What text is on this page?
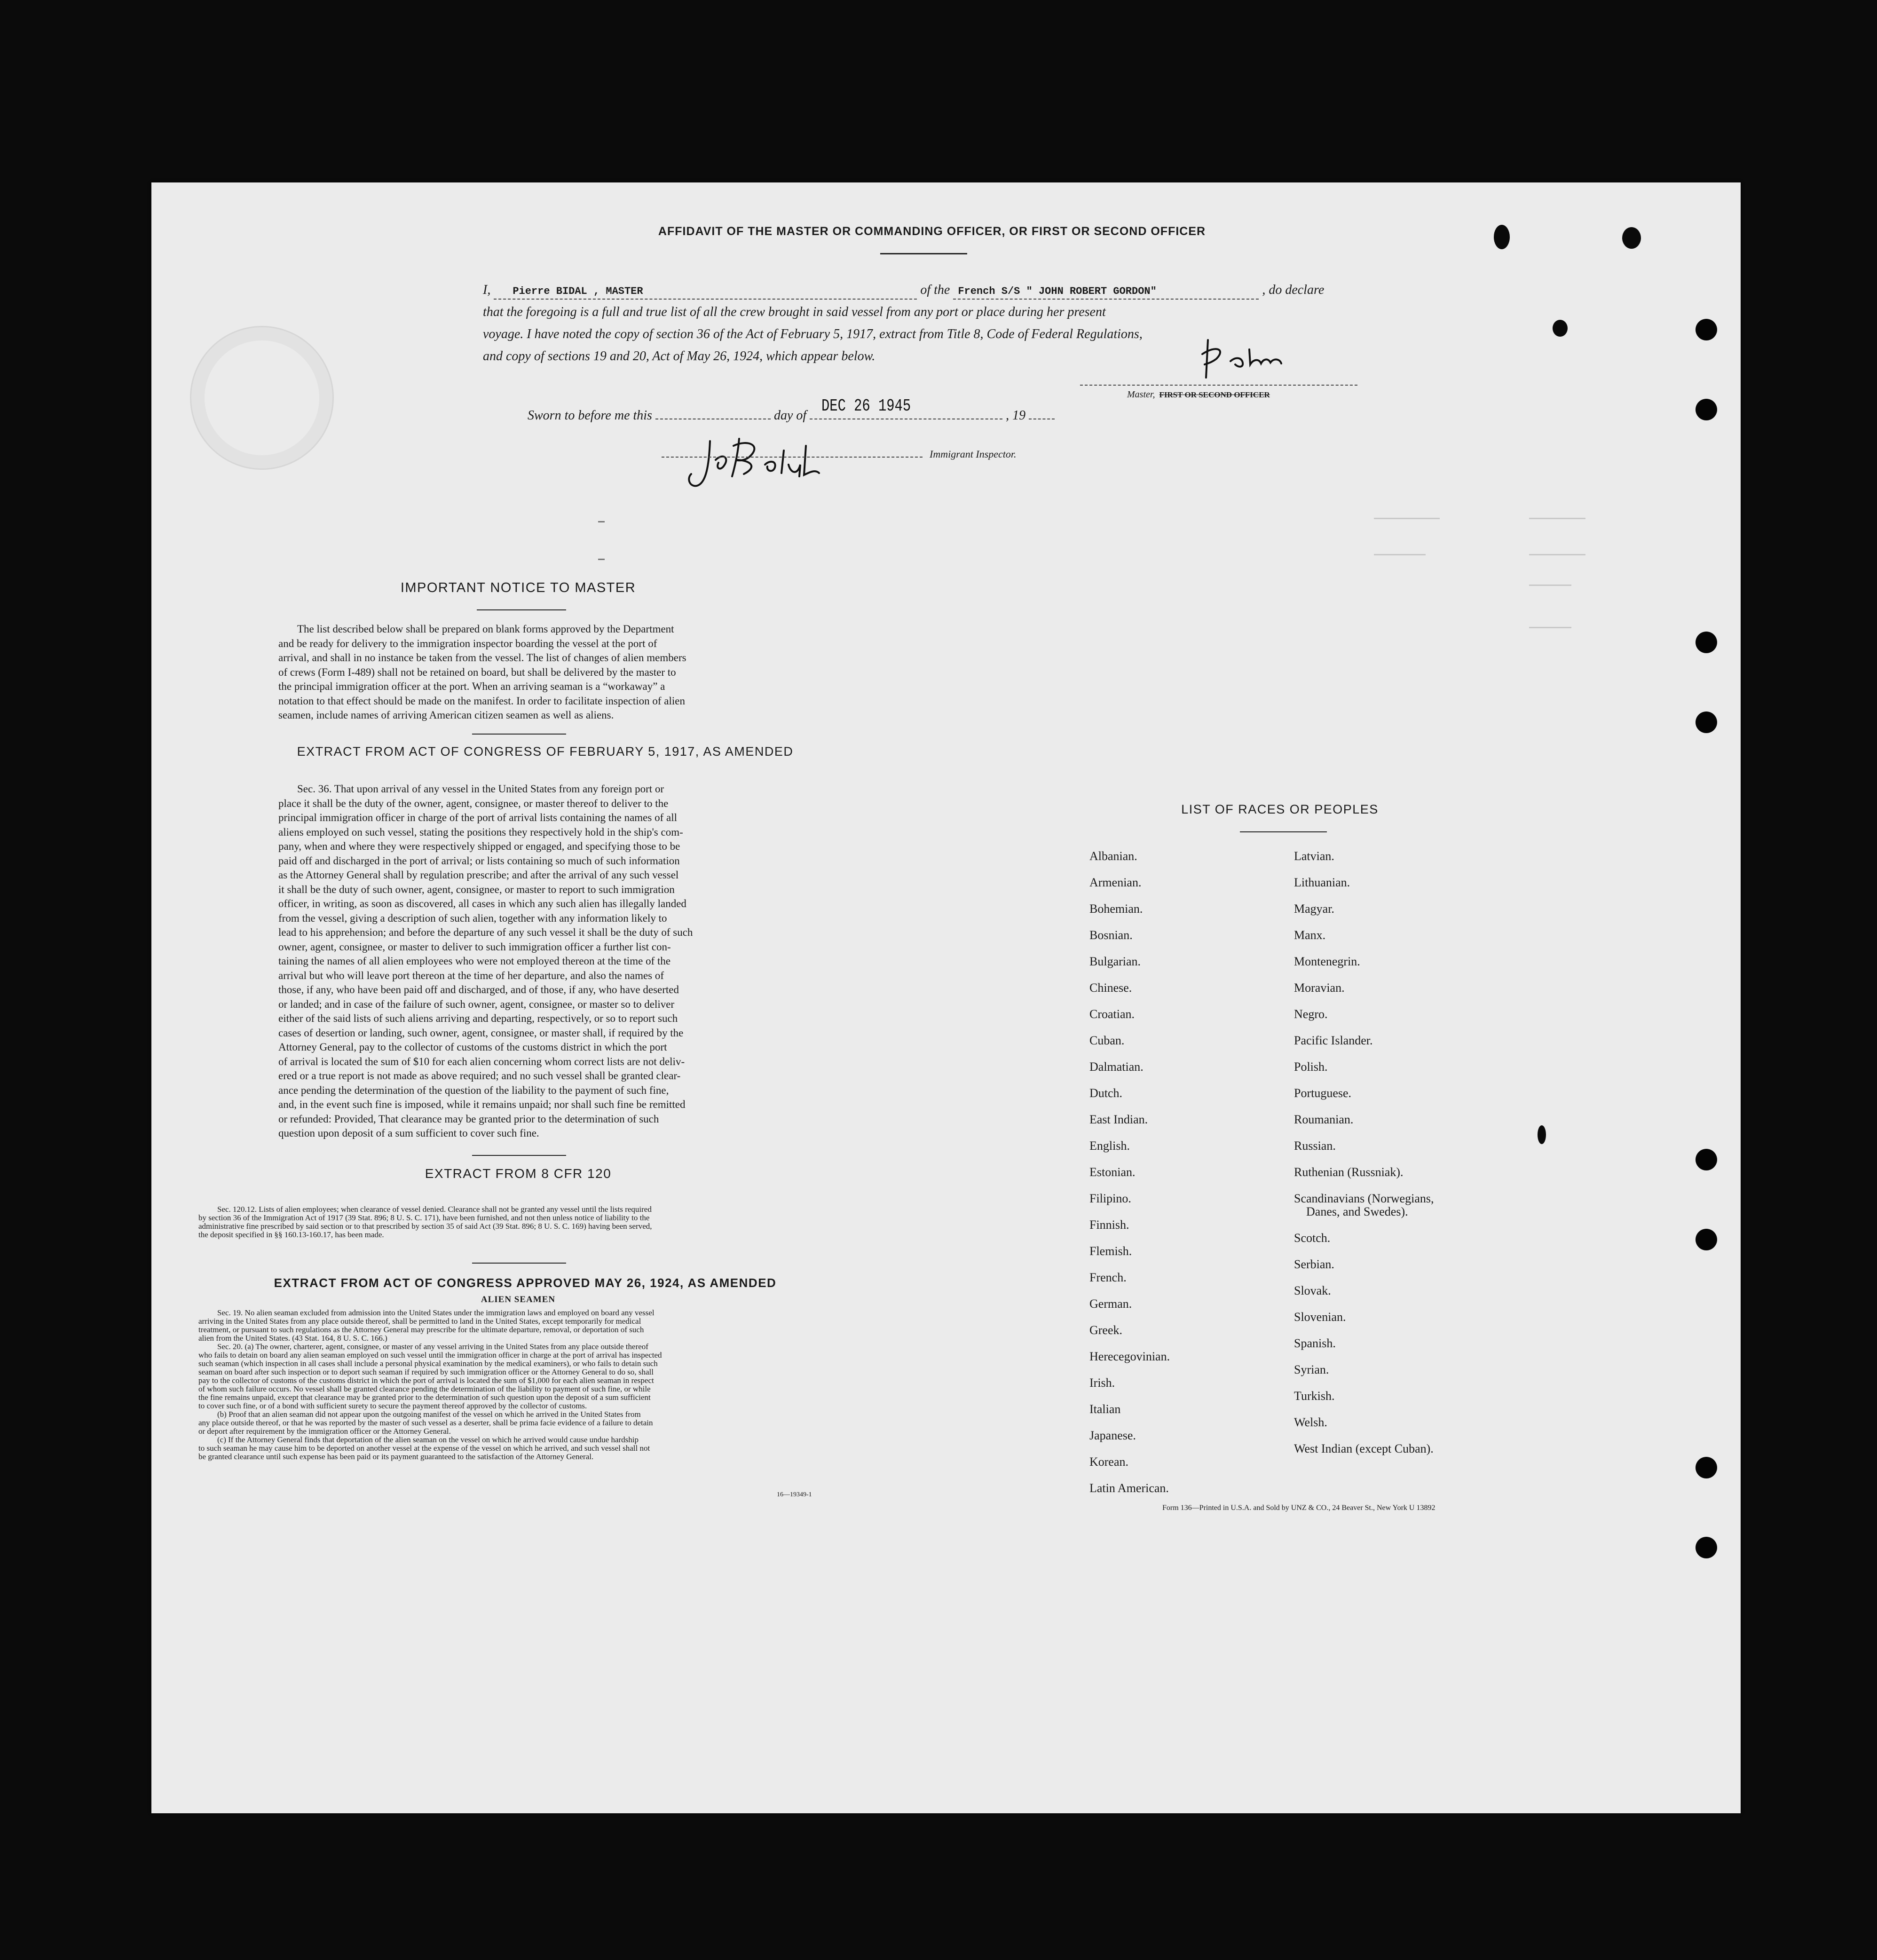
AFFIDAVIT OF THE MASTER OR COMMANDING OFFICER, OR FIRST OR SECOND OFFICER
I, Pierre BIDAL , MASTER	of the French S/S " JOHN ROBERT GORDON"	, do declare
that the foregoing is a full and true list of all the crew brought in said vessel from any port or place during her present
voyage. I have noted the copy of section 36 of the Act of February 5, 1917, extract from Title 8, Code of Federal Regulations,
and copy of sections 19 and 20, Act of May 26, 1924, which appear below.
Master, FIRST OR SECOND OFFICER
Sworn to before me this	day of	, 19
DEC 26 1945
Immigrant Inspector.
IMPORTANT NOTICE TO MASTER
The list described below shall be prepared on blank forms approved by the Department
and be ready for delivery to the immigration inspector boarding the vessel at the port of
arrival, and shall in no instance be taken from the vessel. The list of changes of alien members
of crews (Form I-489) shall not be retained on board, but shall be delivered by the master to
the principal immigration officer at the port. When an arriving seaman is a “workaway” a
notation to that effect should be made on the manifest. In order to facilitate inspection of alien
seamen, include names of arriving American citizen seamen as well as aliens.
EXTRACT FROM ACT OF CONGRESS OF FEBRUARY 5, 1917, AS AMENDED
Sec. 36. That upon arrival of any vessel in the United States from any foreign port or
place it shall be the duty of the owner, agent, consignee, or master thereof to deliver to the
principal immigration officer in charge of the port of arrival lists containing the names of all
aliens employed on such vessel, stating the positions they respectively hold in the ship's com-
pany, when and where they were respectively shipped or engaged, and specifying those to be
paid off and discharged in the port of arrival; or lists containing so much of such information
as the Attorney General shall by regulation prescribe; and after the arrival of any such vessel
it shall be the duty of such owner, agent, consignee, or master to report to such immigration
officer, in writing, as soon as discovered, all cases in which any such alien has illegally landed
from the vessel, giving a description of such alien, together with any information likely to
lead to his apprehension; and before the departure of any such vessel it shall be the duty of such
owner, agent, consignee, or master to deliver to such immigration officer a further list con-
taining the names of all alien employees who were not employed thereon at the time of the
arrival but who will leave port thereon at the time of her departure, and also the names of
those, if any, who have been paid off and discharged, and of those, if any, who have deserted
or landed; and in case of the failure of such owner, agent, consignee, or master so to deliver
either of the said lists of such aliens arriving and departing, respectively, or so to report such
cases of desertion or landing, such owner, agent, consignee, or master shall, if required by the
Attorney General, pay to the collector of customs of the customs district in which the port
of arrival is located the sum of $10 for each alien concerning whom correct lists are not deliv-
ered or a true report is not made as above required; and no such vessel shall be granted clear-
ance pending the determination of the question of the liability to the payment of such fine,
and, in the event such fine is imposed, while it remains unpaid; nor shall such fine be remitted
or refunded: Provided, That clearance may be granted prior to the determination of such
question upon deposit of a sum sufficient to cover such fine.
EXTRACT FROM 8 CFR 120
Sec. 120.12. Lists of alien employees; when clearance of vessel denied. Clearance shall not be granted any vessel until the lists required
by section 36 of the Immigration Act of 1917 (39 Stat. 896; 8 U. S. C. 171), have been furnished, and not then unless notice of liability to the
administrative fine prescribed by said section or to that prescribed by section 35 of said Act (39 Stat. 896; 8 U. S. C. 169) having been served,
the deposit specified in §§ 160.13-160.17, has been made.
EXTRACT FROM ACT OF CONGRESS APPROVED MAY 26, 1924, AS AMENDED
ALIEN SEAMEN
Sec. 19. No alien seaman excluded from admission into the United States under the immigration laws and employed on board any vessel
arriving in the United States from any place outside thereof, shall be permitted to land in the United States, except temporarily for medical
treatment, or pursuant to such regulations as the Attorney General may prescribe for the ultimate departure, removal, or deportation of such
alien from the United States. (43 Stat. 164, 8 U. S. C. 166.)
Sec. 20. (a) The owner, charterer, agent, consignee, or master of any vessel arriving in the United States from any place outside thereof
who fails to detain on board any alien seaman employed on such vessel until the immigration officer in charge at the port of arrival has inspected
such seaman (which inspection in all cases shall include a personal physical examination by the medical examiners), or who fails to detain such
seaman on board after such inspection or to deport such seaman if required by such immigration officer or the Attorney General to do so, shall
pay to the collector of customs of the customs district in which the port of arrival is located the sum of $1,000 for each alien seaman in respect
of whom such failure occurs. No vessel shall be granted clearance pending the determination of the liability to payment of such fine, or while
the fine remains unpaid, except that clearance may be granted prior to the determination of such question upon the deposit of a sum sufficient
to cover such fine, or of a bond with sufficient surety to secure the payment thereof approved by the collector of customs.
(b) Proof that an alien seaman did not appear upon the outgoing manifest of the vessel on which he arrived in the United States from
any place outside thereof, or that he was reported by the master of such vessel as a deserter, shall be prima facie evidence of a failure to detain
or deport after requirement by the immigration officer or the Attorney General.
(c) If the Attorney General finds that deportation of the alien seaman on the vessel on which he arrived would cause undue hardship
to such seaman he may cause him to be deported on another vessel at the expense of the vessel on which he arrived, and such vessel shall not
be granted clearance until such expense has been paid or its payment guaranteed to the satisfaction of the Attorney General.
16—19349-1
LIST OF RACES OR PEOPLES
Albanian.
Armenian.
Bohemian.
Bosnian.
Bulgarian.
Chinese.
Croatian.
Cuban.
Dalmatian.
Dutch.
East Indian.
English.
Estonian.
Filipino.
Finnish.
Flemish.
French.
German.
Greek.
Herecegovinian.
Irish.
Italian
Japanese.
Korean.
Latin American.
Latvian.
Lithuanian.
Magyar.
Manx.
Montenegrin.
Moravian.
Negro.
Pacific Islander.
Polish.
Portuguese.
Roumanian.
Russian.
Ruthenian (Russniak).
Scandinavians (Norwegians,
Danes, and Swedes).
Scotch.
Serbian.
Slovak.
Slovenian.
Spanish.
Syrian.
Turkish.
Welsh.
West Indian (except Cuban).
Form 136—Printed in U.S.A. and Sold by UNZ & CO., 24 Beaver St., New York U 13892
